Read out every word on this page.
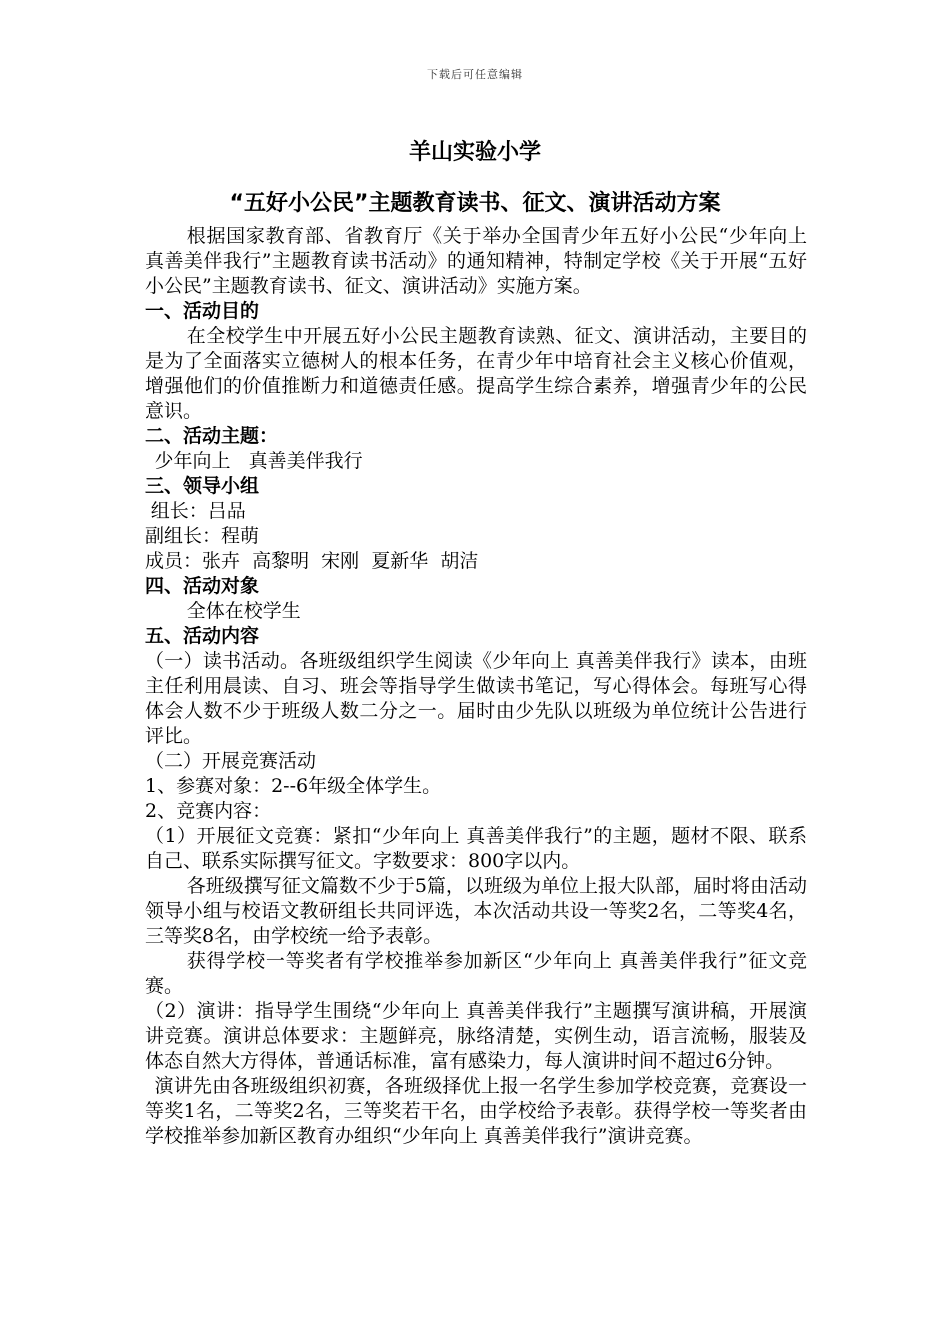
下载后可任意编辑
羊山实验小学
“五好小公民”主题教育读书、征文、演讲活动方案

根据国家教育部、省教育厅《关于举办全国青少年五好小公民“少年向上 真善美伴我行”主题教育读书活动》的通知精神，特制定学校《关于开展“五好小公民”主题教育读书、征文、演讲活动》实施方案。

一、活动目的

在全校学生中开展五好小公民主题教育读熟、征文、演讲活动，主要目的是为了全面落实立德树人的根本任务，在青少年中培育社会主义核心价值观，增强他们的价值推断力和道德责任感。提高学生综合素养，增强青少年的公民意识。

二、活动主题：

少年向上   真善美伴我行

三、领导小组

组长：吕品

副组长：程萌

成员：张卉  高黎明  宋刚  夏新华  胡洁

四、活动对象

全体在校学生

五、活动内容

（一）读书活动。各班级组织学生阅读《少年向上 真善美伴我行》读本，由班主任利用晨读、自习、班会等指导学生做读书笔记，写心得体会。每班写心得体会人数不少于班级人数二分之一。届时由少先队以班级为单位统计公告进行评比。

（二）开展竞赛活动

1、参赛对象：2--6年级全体学生。

2、竞赛内容：

（1）开展征文竞赛：紧扣“少年向上 真善美伴我行”的主题，题材不限、联系自己、联系实际撰写征文。字数要求：800字以内。

各班级撰写征文篇数不少于5篇，以班级为单位上报大队部，届时将由活动领导小组与校语文教研组长共同评选，本次活动共设一等奖2名，二等奖4名，三等奖8名，由学校统一给予表彰。

获得学校一等奖者有学校推举参加新区“少年向上 真善美伴我行”征文竞赛。

（2）演讲：指导学生围绕“少年向上 真善美伴我行”主题撰写演讲稿，开展演讲竞赛。演讲总体要求：主题鲜亮，脉络清楚，实例生动，语言流畅，服装及体态自然大方得体，普通话标准，富有感染力，每人演讲时间不超过6分钟。

演讲先由各班级组织初赛，各班级择优上报一名学生参加学校竞赛，竞赛设一等奖1名，二等奖2名，三等奖若干名，由学校给予表彰。获得学校一等奖者由学校推举参加新区教育办组织“少年向上 真善美伴我行”演讲竞赛。
